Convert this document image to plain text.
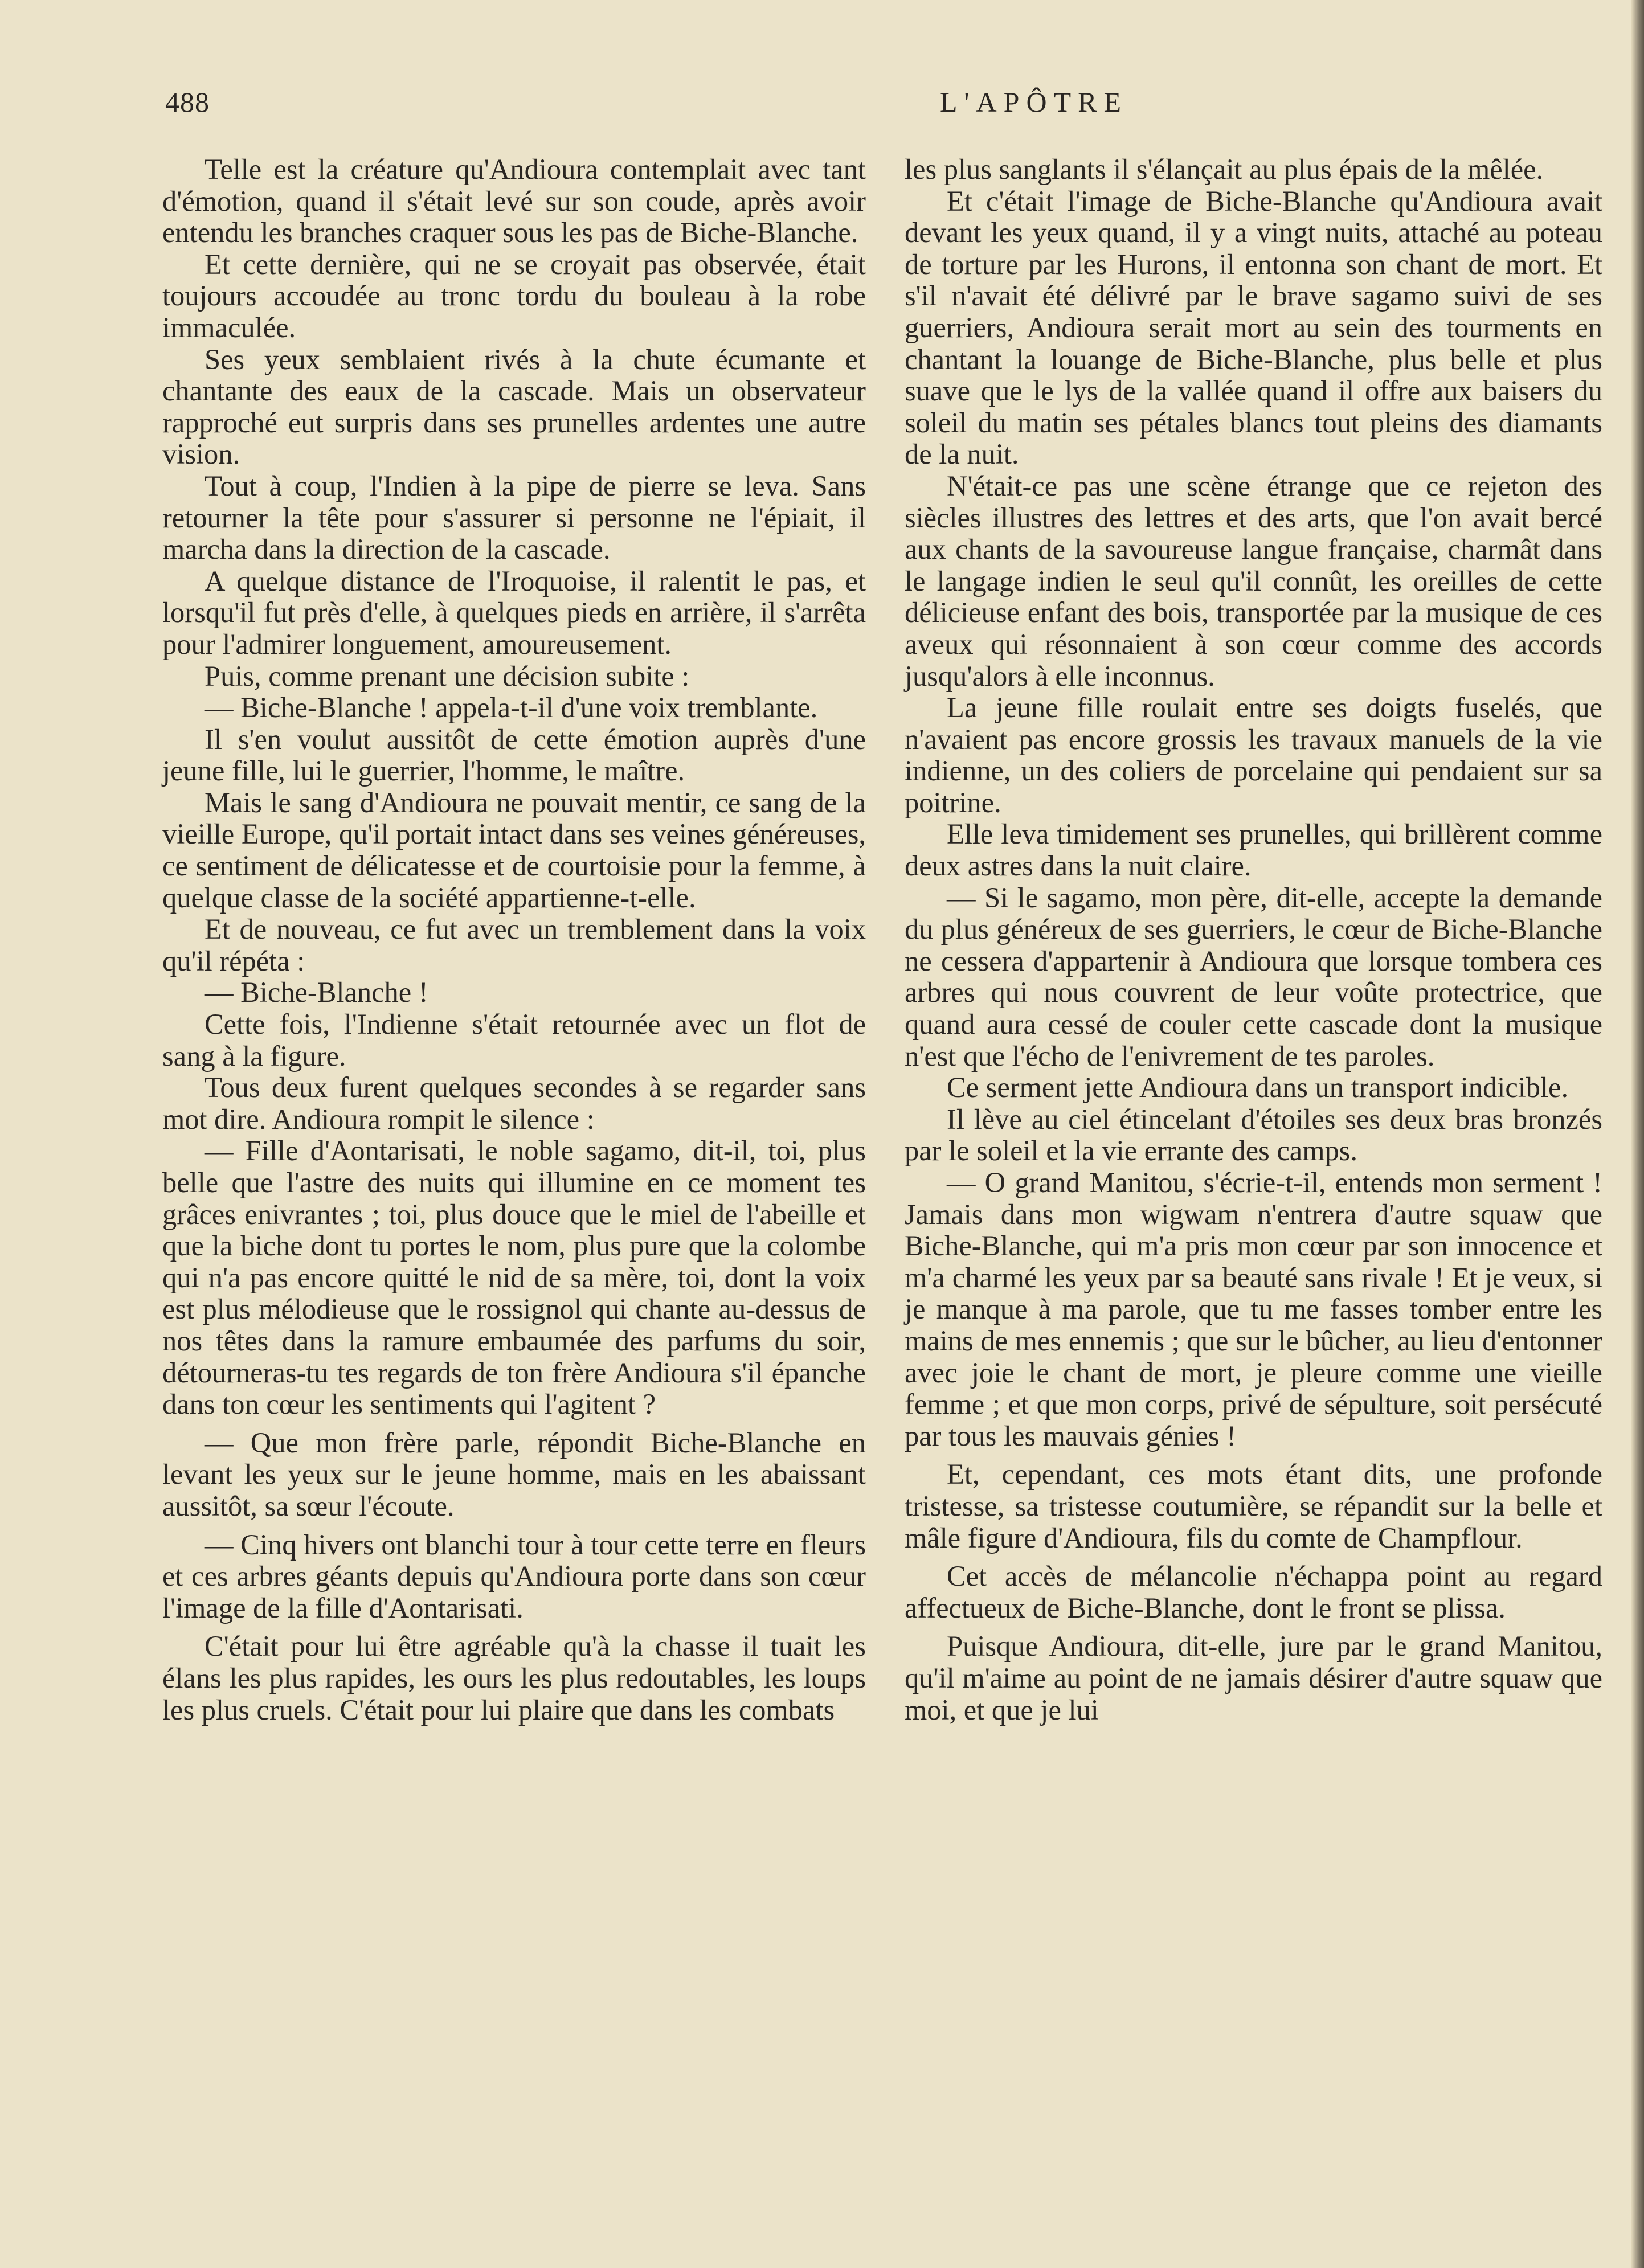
488	L'APÔTRE

Telle est la créature qu'Andioura contemplait avec tant d'émotion, quand il s'était levé sur son coude, après avoir entendu les branches craquer sous les pas de Biche-Blanche.

Et cette dernière, qui ne se croyait pas observée, était toujours accoudée au tronc tordu du bouleau à la robe immaculée.

Ses yeux semblaient rivés à la chute écumante et chantante des eaux de la cascade. Mais un observateur rapproché eut surpris dans ses prunelles ardentes une autre vision.

Tout à coup, l'Indien à la pipe de pierre se leva. Sans retourner la tête pour s'assurer si personne ne l'épiait, il marcha dans la direction de la cascade.

A quelque distance de l'Iroquoise, il ralentit le pas, et lorsqu'il fut près d'elle, à quelques pieds en arrière, il s'arrêta pour l'admirer longuement, amoureusement.

Puis, comme prenant une décision subite :

— Biche-Blanche ! appela-t-il d'une voix tremblante.

Il s'en voulut aussitôt de cette émotion auprès d'une jeune fille, lui le guerrier, l'homme, le maître.

Mais le sang d'Andioura ne pouvait mentir, ce sang de la vieille Europe, qu'il portait intact dans ses veines généreuses, ce sentiment de délicatesse et de courtoisie pour la femme, à quelque classe de la société appartienne-t-elle.

Et de nouveau, ce fut avec un tremblement dans la voix qu'il répéta :

— Biche-Blanche !

Cette fois, l'Indienne s'était retournée avec un flot de sang à la figure.

Tous deux furent quelques secondes à se regarder sans mot dire. Andioura rompit le silence :

— Fille d'Aontarisati, le noble sagamo, dit-il, toi, plus belle que l'astre des nuits qui illumine en ce moment tes grâces enivrantes ; toi, plus douce que le miel de l'abeille et que la biche dont tu portes le nom, plus pure que la colombe qui n'a pas encore quitté le nid de sa mère, toi, dont la voix est plus mélodieuse que le rossignol qui chante au-dessus de nos têtes dans la ramure embaumée des parfums du soir, détourneras-tu tes regards de ton frère Andioura s'il épanche dans ton cœur les sentiments qui l'agitent ?

— Que mon frère parle, répondit Biche-Blanche en levant les yeux sur le jeune homme, mais en les abaissant aussitôt, sa sœur l'écoute.

— Cinq hivers ont blanchi tour à tour cette terre en fleurs et ces arbres géants depuis qu'Andioura porte dans son cœur l'image de la fille d'Aontarisati.

C'était pour lui être agréable qu'à la chasse il tuait les élans les plus rapides, les ours les plus redoutables, les loups les plus cruels. C'était pour lui plaire que dans les combats

les plus sanglants il s'élançait au plus épais de la mêlée.

Et c'était l'image de Biche-Blanche qu'Andioura avait devant les yeux quand, il y a vingt nuits, attaché au poteau de torture par les Hurons, il entonna son chant de mort. Et s'il n'avait été délivré par le brave sagamo suivi de ses guerriers, Andioura serait mort au sein des tourments en chantant la louange de Biche-Blanche, plus belle et plus suave que le lys de la vallée quand il offre aux baisers du soleil du matin ses pétales blancs tout pleins des diamants de la nuit.

N'était-ce pas une scène étrange que ce rejeton des siècles illustres des lettres et des arts, que l'on avait bercé aux chants de la savoureuse langue française, charmât dans le langage indien le seul qu'il connût, les oreilles de cette délicieuse enfant des bois, transportée par la musique de ces aveux qui résonnaient à son cœur comme des accords jusqu'alors à elle inconnus.

La jeune fille roulait entre ses doigts fuselés, que n'avaient pas encore grossis les travaux manuels de la vie indienne, un des coliers de porcelaine qui pendaient sur sa poitrine.

Elle leva timidement ses prunelles, qui brillèrent comme deux astres dans la nuit claire.

— Si le sagamo, mon père, dit-elle, accepte la demande du plus généreux de ses guerriers, le cœur de Biche-Blanche ne cessera d'appartenir à Andioura que lorsque tombera ces arbres qui nous couvrent de leur voûte protectrice, que quand aura cessé de couler cette cascade dont la musique n'est que l'écho de l'enivrement de tes paroles.

Ce serment jette Andioura dans un transport indicible.

Il lève au ciel étincelant d'étoiles ses deux bras bronzés par le soleil et la vie errante des camps.

— O grand Manitou, s'écrie-t-il, entends mon serment ! Jamais dans mon wigwam n'entrera d'autre squaw que Biche-Blanche, qui m'a pris mon cœur par son innocence et m'a charmé les yeux par sa beauté sans rivale ! Et je veux, si je manque à ma parole, que tu me fasses tomber entre les mains de mes ennemis ; que sur le bûcher, au lieu d'entonner avec joie le chant de mort, je pleure comme une vieille femme ; et que mon corps, privé de sépulture, soit persécuté par tous les mauvais génies !

Et, cependant, ces mots étant dits, une profonde tristesse, sa tristesse coutumière, se répandit sur la belle et mâle figure d'Andioura, fils du comte de Champflour.

Cet accès de mélancolie n'échappa point au regard affectueux de Biche-Blanche, dont le front se plissa.

Puisque Andioura, dit-elle, jure par le grand Manitou, qu'il m'aime au point de ne jamais désirer d'autre squaw que moi, et que je lui
